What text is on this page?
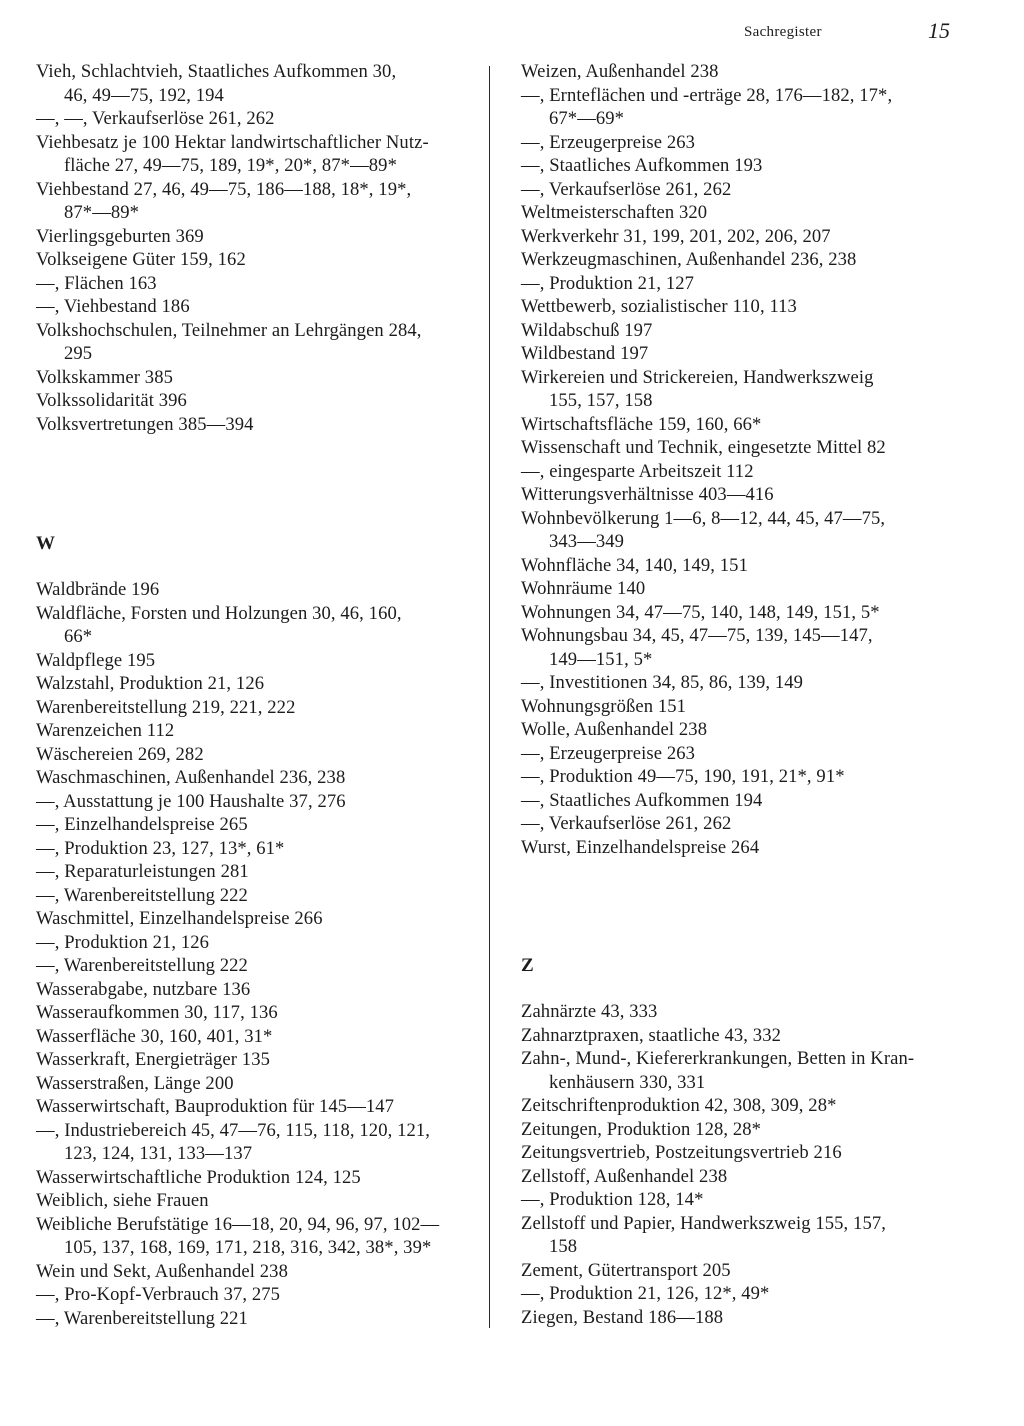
Sachregister	15
Vieh, Schlachtvieh, Staatliches Aufkommen 30,
46, 49—75, 192, 194
—, —, Verkaufserlöse 261, 262
Viehbesatz je 100 Hektar landwirtschaftlicher Nutz-
fläche 27, 49—75, 189, 19*, 20*, 87*—89*
Viehbestand 27, 46, 49—75, 186—188, 18*, 19*,
87*—89*
Vierlingsgeburten 369
Volkseigene Güter 159, 162
—, Flächen 163
—, Viehbestand 186
Volkshochschulen, Teilnehmer an Lehrgängen 284,
295
Volkskammer 385
Volkssolidarität 396
Volksvertretungen 385—394
W
Waldbrände 196
Waldfläche, Forsten und Holzungen 30, 46, 160,
66*
Waldpflege 195
Walzstahl, Produktion 21, 126
Warenbereitstellung 219, 221, 222
Warenzeichen 112
Wäschereien 269, 282
Waschmaschinen, Außenhandel 236, 238
—, Ausstattung je 100 Haushalte 37, 276
—, Einzelhandelspreise 265
—, Produktion 23, 127, 13*, 61*
—, Reparaturleistungen 281
—, Warenbereitstellung 222
Waschmittel, Einzelhandelspreise 266
—, Produktion 21, 126
—, Warenbereitstellung 222
Wasserabgabe, nutzbare 136
Wasseraufkommen 30, 117, 136
Wasserfläche 30, 160, 401, 31*
Wasserkraft, Energieträger 135
Wasserstraßen, Länge 200
Wasserwirtschaft, Bauproduktion für 145—147
—, Industriebereich 45, 47—76, 115, 118, 120, 121,
123, 124, 131, 133—137
Wasserwirtschaftliche Produktion 124, 125
Weiblich, siehe Frauen
Weibliche Berufstätige 16—18, 20, 94, 96, 97, 102—
105, 137, 168, 169, 171, 218, 316, 342, 38*, 39*
Wein und Sekt, Außenhandel 238
—, Pro-Kopf-Verbrauch 37, 275
—, Warenbereitstellung 221
Weizen, Außenhandel 238
—, Ernteflächen und -erträge 28, 176—182, 17*,
67*—69*
—, Erzeugerpreise 263
—, Staatliches Aufkommen 193
—, Verkaufserlöse 261, 262
Weltmeisterschaften 320
Werkverkehr 31, 199, 201, 202, 206, 207
Werkzeugmaschinen, Außenhandel 236, 238
—, Produktion 21, 127
Wettbewerb, sozialistischer 110, 113
Wildabschuß 197
Wildbestand 197
Wirkereien und Strickereien, Handwerkszweig
155, 157, 158
Wirtschaftsfläche 159, 160, 66*
Wissenschaft und Technik, eingesetzte Mittel 82
—, eingesparte Arbeitszeit 112
Witterungsverhältnisse 403—416
Wohnbevölkerung 1—6, 8—12, 44, 45, 47—75,
343—349
Wohnfläche 34, 140, 149, 151
Wohnräume 140
Wohnungen 34, 47—75, 140, 148, 149, 151, 5*
Wohnungsbau 34, 45, 47—75, 139, 145—147,
149—151, 5*
—, Investitionen 34, 85, 86, 139, 149
Wohnungsgrößen 151
Wolle, Außenhandel 238
—, Erzeugerpreise 263
—, Produktion 49—75, 190, 191, 21*, 91*
—, Staatliches Aufkommen 194
—, Verkaufserlöse 261, 262
Wurst, Einzelhandelspreise 264
Z
Zahnärzte 43, 333
Zahnarztpraxen, staatliche 43, 332
Zahn-, Mund-, Kiefererkrankungen, Betten in Kran-
kenhäusern 330, 331
Zeitschriftenproduktion 42, 308, 309, 28*
Zeitungen, Produktion 128, 28*
Zeitungsvertrieb, Postzeitungsvertrieb 216
Zellstoff, Außenhandel 238
—, Produktion 128, 14*
Zellstoff und Papier, Handwerkszweig 155, 157,
158
Zement, Gütertransport 205
—, Produktion 21, 126, 12*, 49*
Ziegen, Bestand 186—188
